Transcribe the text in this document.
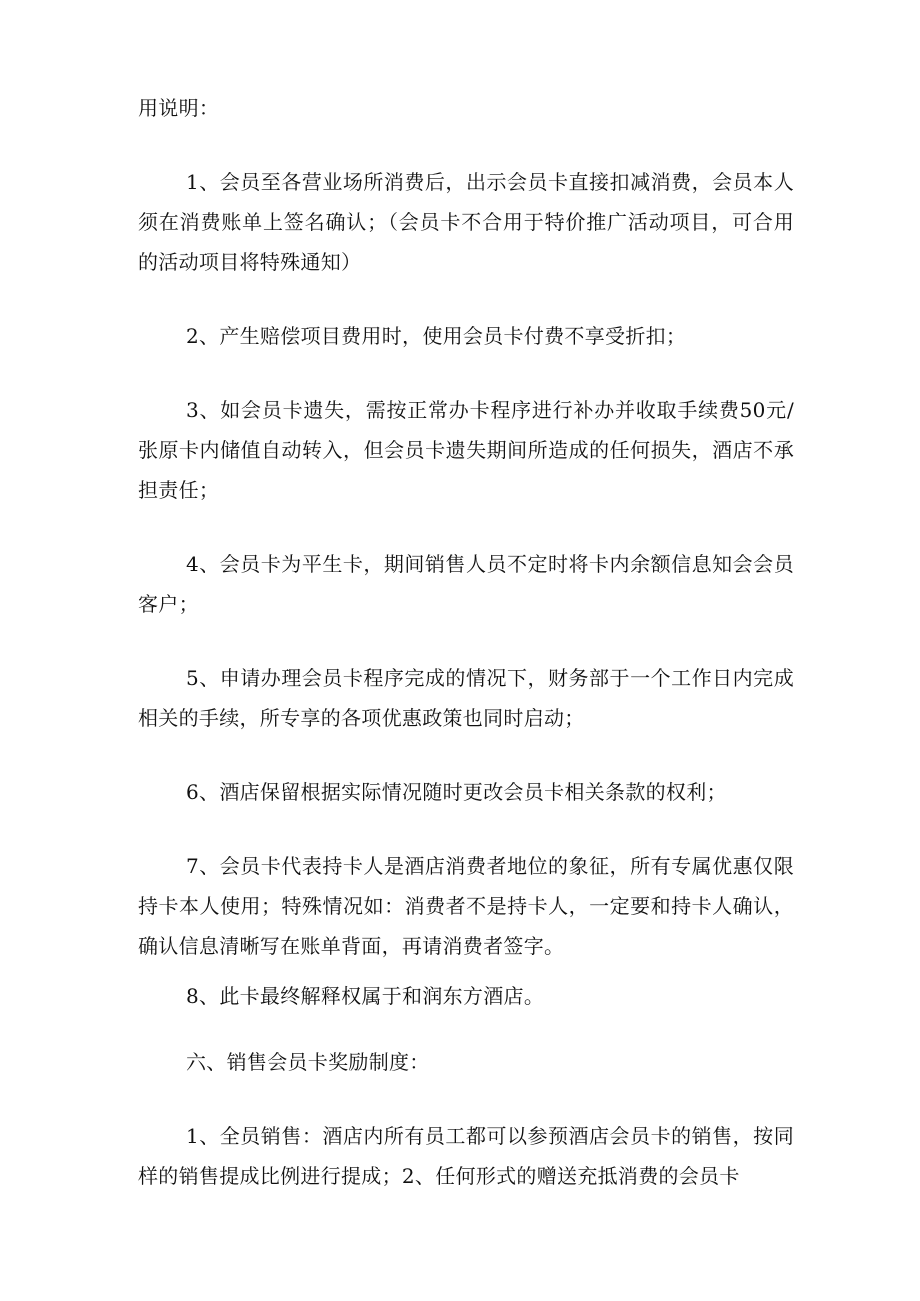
用说明：

1、会员至各营业场所消费后，出示会员卡直接扣减消费，会员本人须在消费账单上签名确认；（会员卡不合用于特价推广活动项目，可合用的活动项目将特殊通知）

2、产生赔偿项目费用时，使用会员卡付费不享受折扣；

3、如会员卡遗失，需按正常办卡程序进行补办并收取手续费50元/张原卡内储值自动转入，但会员卡遗失期间所造成的任何损失，酒店不承担责任；

4、会员卡为平生卡，期间销售人员不定时将卡内余额信息知会会员客户；

5、申请办理会员卡程序完成的情况下，财务部于一个工作日内完成相关的手续，所专享的各项优惠政策也同时启动；

6、酒店保留根据实际情况随时更改会员卡相关条款的权利；

7、会员卡代表持卡人是酒店消费者地位的象征，所有专属优惠仅限持卡本人使用；特殊情况如：消费者不是持卡人，一定要和持卡人确认，确认信息清晰写在账单背面，再请消费者签字。

8、此卡最终解释权属于和润东方酒店。

六、销售会员卡奖励制度：

1、全员销售：酒店内所有员工都可以参预酒店会员卡的销售，按同样的销售提成比例进行提成；2、任何形式的赠送充抵消费的会员卡
